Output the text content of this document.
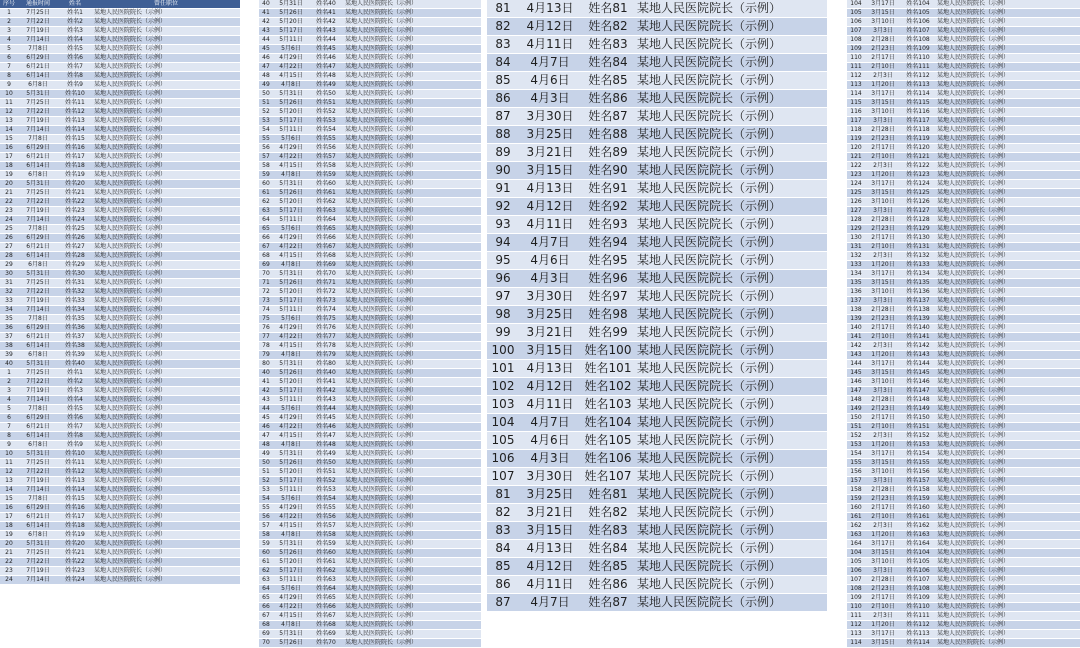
序号	通报时间	姓名	曾任职位
1	7月25日	姓名1	某地人民医院院长（示例）
2	7月22日	姓名2	某地人民医院院长（示例）
3	7月19日	姓名3	某地人民医院院长（示例）
4	7月14日	姓名4	某地人民医院院长（示例）
5	7月8日	姓名5	某地人民医院院长（示例）
6	6月29日	姓名6	某地人民医院院长（示例）
7	6月21日	姓名7	某地人民医院院长（示例）
8	6月14日	姓名8	某地人民医院院长（示例）
9	6月8日	姓名9	某地人民医院院长（示例）
10	5月31日	姓名10	某地人民医院院长（示例）
11	7月25日	姓名11	某地人民医院院长（示例）
12	7月22日	姓名12	某地人民医院院长（示例）
13	7月19日	姓名13	某地人民医院院长（示例）
14	7月14日	姓名14	某地人民医院院长（示例）
15	7月8日	姓名15	某地人民医院院长（示例）
16	6月29日	姓名16	某地人民医院院长（示例）
17	6月21日	姓名17	某地人民医院院长（示例）
18	6月14日	姓名18	某地人民医院院长（示例）
19	6月8日	姓名19	某地人民医院院长（示例）
20	5月31日	姓名20	某地人民医院院长（示例）
21	7月25日	姓名21	某地人民医院院长（示例）
22	7月22日	姓名22	某地人民医院院长（示例）
23	7月19日	姓名23	某地人民医院院长（示例）
24	7月14日	姓名24	某地人民医院院长（示例）
25	7月8日	姓名25	某地人民医院院长（示例）
26	6月29日	姓名26	某地人民医院院长（示例）
27	6月21日	姓名27	某地人民医院院长（示例）
28	6月14日	姓名28	某地人民医院院长（示例）
29	6月8日	姓名29	某地人民医院院长（示例）
30	5月31日	姓名30	某地人民医院院长（示例）
31	7月25日	姓名31	某地人民医院院长（示例）
32	7月22日	姓名32	某地人民医院院长（示例）
33	7月19日	姓名33	某地人民医院院长（示例）
34	7月14日	姓名34	某地人民医院院长（示例）
35	7月8日	姓名35	某地人民医院院长（示例）
36	6月29日	姓名36	某地人民医院院长（示例）
37	6月21日	姓名37	某地人民医院院长（示例）
38	6月14日	姓名38	某地人民医院院长（示例）
39	6月8日	姓名39	某地人民医院院长（示例）
40	5月31日	姓名40	某地人民医院院长（示例）
1	7月25日	姓名1	某地人民医院院长（示例）
2	7月22日	姓名2	某地人民医院院长（示例）
3	7月19日	姓名3	某地人民医院院长（示例）
4	7月14日	姓名4	某地人民医院院长（示例）
5	7月8日	姓名5	某地人民医院院长（示例）
6	6月29日	姓名6	某地人民医院院长（示例）
7	6月21日	姓名7	某地人民医院院长（示例）
8	6月14日	姓名8	某地人民医院院长（示例）
9	6月8日	姓名9	某地人民医院院长（示例）
10	5月31日	姓名10	某地人民医院院长（示例）
11	7月25日	姓名11	某地人民医院院长（示例）
12	7月22日	姓名12	某地人民医院院长（示例）
13	7月19日	姓名13	某地人民医院院长（示例）
14	7月14日	姓名14	某地人民医院院长（示例）
15	7月8日	姓名15	某地人民医院院长（示例）
16	6月29日	姓名16	某地人民医院院长（示例）
17	6月21日	姓名17	某地人民医院院长（示例）
18	6月14日	姓名18	某地人民医院院长（示例）
19	6月8日	姓名19	某地人民医院院长（示例）
20	5月31日	姓名20	某地人民医院院长（示例）
21	7月25日	姓名21	某地人民医院院长（示例）
22	7月22日	姓名22	某地人民医院院长（示例）
23	7月19日	姓名23	某地人民医院院长（示例）
24	7月14日	姓名24	某地人民医院院长（示例）
40	5月31日	姓名40	某地人民医院院长（示例）
41	5月26日	姓名41	某地人民医院院长（示例）
42	5月20日	姓名42	某地人民医院院长（示例）
43	5月17日	姓名43	某地人民医院院长（示例）
44	5月11日	姓名44	某地人民医院院长（示例）
45	5月6日	姓名45	某地人民医院院长（示例）
46	4月29日	姓名46	某地人民医院院长（示例）
47	4月22日	姓名47	某地人民医院院长（示例）
48	4月15日	姓名48	某地人民医院院长（示例）
49	4月8日	姓名49	某地人民医院院长（示例）
50	5月31日	姓名50	某地人民医院院长（示例）
51	5月26日	姓名51	某地人民医院院长（示例）
52	5月20日	姓名52	某地人民医院院长（示例）
53	5月17日	姓名53	某地人民医院院长（示例）
54	5月11日	姓名54	某地人民医院院长（示例）
55	5月6日	姓名55	某地人民医院院长（示例）
56	4月29日	姓名56	某地人民医院院长（示例）
57	4月22日	姓名57	某地人民医院院长（示例）
58	4月15日	姓名58	某地人民医院院长（示例）
59	4月8日	姓名59	某地人民医院院长（示例）
60	5月31日	姓名60	某地人民医院院长（示例）
61	5月26日	姓名61	某地人民医院院长（示例）
62	5月20日	姓名62	某地人民医院院长（示例）
63	5月17日	姓名63	某地人民医院院长（示例）
64	5月11日	姓名64	某地人民医院院长（示例）
65	5月6日	姓名65	某地人民医院院长（示例）
66	4月29日	姓名66	某地人民医院院长（示例）
67	4月22日	姓名67	某地人民医院院长（示例）
68	4月15日	姓名68	某地人民医院院长（示例）
69	4月8日	姓名69	某地人民医院院长（示例）
70	5月31日	姓名70	某地人民医院院长（示例）
71	5月26日	姓名71	某地人民医院院长（示例）
72	5月20日	姓名72	某地人民医院院长（示例）
73	5月17日	姓名73	某地人民医院院长（示例）
74	5月11日	姓名74	某地人民医院院长（示例）
75	5月6日	姓名75	某地人民医院院长（示例）
76	4月29日	姓名76	某地人民医院院长（示例）
77	4月22日	姓名77	某地人民医院院长（示例）
78	4月15日	姓名78	某地人民医院院长（示例）
79	4月8日	姓名79	某地人民医院院长（示例）
80	5月31日	姓名80	某地人民医院院长（示例）
40	5月26日	姓名40	某地人民医院院长（示例）
41	5月20日	姓名41	某地人民医院院长（示例）
42	5月17日	姓名42	某地人民医院院长（示例）
43	5月11日	姓名43	某地人民医院院长（示例）
44	5月6日	姓名44	某地人民医院院长（示例）
45	4月29日	姓名45	某地人民医院院长（示例）
46	4月22日	姓名46	某地人民医院院长（示例）
47	4月15日	姓名47	某地人民医院院长（示例）
48	4月8日	姓名48	某地人民医院院长（示例）
49	5月31日	姓名49	某地人民医院院长（示例）
50	5月26日	姓名50	某地人民医院院长（示例）
51	5月20日	姓名51	某地人民医院院长（示例）
52	5月17日	姓名52	某地人民医院院长（示例）
53	5月11日	姓名53	某地人民医院院长（示例）
54	5月6日	姓名54	某地人民医院院长（示例）
55	4月29日	姓名55	某地人民医院院长（示例）
56	4月22日	姓名56	某地人民医院院长（示例）
57	4月15日	姓名57	某地人民医院院长（示例）
58	4月8日	姓名58	某地人民医院院长（示例）
59	5月31日	姓名59	某地人民医院院长（示例）
60	5月26日	姓名60	某地人民医院院长（示例）
61	5月20日	姓名61	某地人民医院院长（示例）
62	5月17日	姓名62	某地人民医院院长（示例）
63	5月11日	姓名63	某地人民医院院长（示例）
64	5月6日	姓名64	某地人民医院院长（示例）
65	4月29日	姓名65	某地人民医院院长（示例）
66	4月22日	姓名66	某地人民医院院长（示例）
67	4月15日	姓名67	某地人民医院院长（示例）
68	4月8日	姓名68	某地人民医院院长（示例）
69	5月31日	姓名69	某地人民医院院长（示例）
70	5月26日	姓名70	某地人民医院院长（示例）
81	4月13日	姓名81	某地人民医院院长（示例）
82	4月12日	姓名82	某地人民医院院长（示例）
83	4月11日	姓名83	某地人民医院院长（示例）
84	4月7日	姓名84	某地人民医院院长（示例）
85	4月6日	姓名85	某地人民医院院长（示例）
86	4月3日	姓名86	某地人民医院院长（示例）
87	3月30日	姓名87	某地人民医院院长（示例）
88	3月25日	姓名88	某地人民医院院长（示例）
89	3月21日	姓名89	某地人民医院院长（示例）
90	3月15日	姓名90	某地人民医院院长（示例）
91	4月13日	姓名91	某地人民医院院长（示例）
92	4月12日	姓名92	某地人民医院院长（示例）
93	4月11日	姓名93	某地人民医院院长（示例）
94	4月7日	姓名94	某地人民医院院长（示例）
95	4月6日	姓名95	某地人民医院院长（示例）
96	4月3日	姓名96	某地人民医院院长（示例）
97	3月30日	姓名97	某地人民医院院长（示例）
98	3月25日	姓名98	某地人民医院院长（示例）
99	3月21日	姓名99	某地人民医院院长（示例）
100	3月15日	姓名100	某地人民医院院长（示例）
101	4月13日	姓名101	某地人民医院院长（示例）
102	4月12日	姓名102	某地人民医院院长（示例）
103	4月11日	姓名103	某地人民医院院长（示例）
104	4月7日	姓名104	某地人民医院院长（示例）
105	4月6日	姓名105	某地人民医院院长（示例）
106	4月3日	姓名106	某地人民医院院长（示例）
107	3月30日	姓名107	某地人民医院院长（示例）
81	3月25日	姓名81	某地人民医院院长（示例）
82	3月21日	姓名82	某地人民医院院长（示例）
83	3月15日	姓名83	某地人民医院院长（示例）
84	4月13日	姓名84	某地人民医院院长（示例）
85	4月12日	姓名85	某地人民医院院长（示例）
86	4月11日	姓名86	某地人民医院院长（示例）
87	4月7日	姓名87	某地人民医院院长（示例）
104	3月17日	姓名104	某地人民医院院长（示例）
105	3月15日	姓名105	某地人民医院院长（示例）
106	3月10日	姓名106	某地人民医院院长（示例）
107	3月3日	姓名107	某地人民医院院长（示例）
108	2月28日	姓名108	某地人民医院院长（示例）
109	2月23日	姓名109	某地人民医院院长（示例）
110	2月17日	姓名110	某地人民医院院长（示例）
111	2月10日	姓名111	某地人民医院院长（示例）
112	2月3日	姓名112	某地人民医院院长（示例）
113	1月20日	姓名113	某地人民医院院长（示例）
114	3月17日	姓名114	某地人民医院院长（示例）
115	3月15日	姓名115	某地人民医院院长（示例）
116	3月10日	姓名116	某地人民医院院长（示例）
117	3月3日	姓名117	某地人民医院院长（示例）
118	2月28日	姓名118	某地人民医院院长（示例）
119	2月23日	姓名119	某地人民医院院长（示例）
120	2月17日	姓名120	某地人民医院院长（示例）
121	2月10日	姓名121	某地人民医院院长（示例）
122	2月3日	姓名122	某地人民医院院长（示例）
123	1月20日	姓名123	某地人民医院院长（示例）
124	3月17日	姓名124	某地人民医院院长（示例）
125	3月15日	姓名125	某地人民医院院长（示例）
126	3月10日	姓名126	某地人民医院院长（示例）
127	3月3日	姓名127	某地人民医院院长（示例）
128	2月28日	姓名128	某地人民医院院长（示例）
129	2月23日	姓名129	某地人民医院院长（示例）
130	2月17日	姓名130	某地人民医院院长（示例）
131	2月10日	姓名131	某地人民医院院长（示例）
132	2月3日	姓名132	某地人民医院院长（示例）
133	1月20日	姓名133	某地人民医院院长（示例）
134	3月17日	姓名134	某地人民医院院长（示例）
135	3月15日	姓名135	某地人民医院院长（示例）
136	3月10日	姓名136	某地人民医院院长（示例）
137	3月3日	姓名137	某地人民医院院长（示例）
138	2月28日	姓名138	某地人民医院院长（示例）
139	2月23日	姓名139	某地人民医院院长（示例）
140	2月17日	姓名140	某地人民医院院长（示例）
141	2月10日	姓名141	某地人民医院院长（示例）
142	2月3日	姓名142	某地人民医院院长（示例）
143	1月20日	姓名143	某地人民医院院长（示例）
144	3月17日	姓名144	某地人民医院院长（示例）
145	3月15日	姓名145	某地人民医院院长（示例）
146	3月10日	姓名146	某地人民医院院长（示例）
147	3月3日	姓名147	某地人民医院院长（示例）
148	2月28日	姓名148	某地人民医院院长（示例）
149	2月23日	姓名149	某地人民医院院长（示例）
150	2月17日	姓名150	某地人民医院院长（示例）
151	2月10日	姓名151	某地人民医院院长（示例）
152	2月3日	姓名152	某地人民医院院长（示例）
153	1月20日	姓名153	某地人民医院院长（示例）
154	3月17日	姓名154	某地人民医院院长（示例）
155	3月15日	姓名155	某地人民医院院长（示例）
156	3月10日	姓名156	某地人民医院院长（示例）
157	3月3日	姓名157	某地人民医院院长（示例）
158	2月28日	姓名158	某地人民医院院长（示例）
159	2月23日	姓名159	某地人民医院院长（示例）
160	2月17日	姓名160	某地人民医院院长（示例）
161	2月10日	姓名161	某地人民医院院长（示例）
162	2月3日	姓名162	某地人民医院院长（示例）
163	1月20日	姓名163	某地人民医院院长（示例）
164	3月17日	姓名164	某地人民医院院长（示例）
104	3月15日	姓名104	某地人民医院院长（示例）
105	3月10日	姓名105	某地人民医院院长（示例）
106	3月3日	姓名106	某地人民医院院长（示例）
107	2月28日	姓名107	某地人民医院院长（示例）
108	2月23日	姓名108	某地人民医院院长（示例）
109	2月17日	姓名109	某地人民医院院长（示例）
110	2月10日	姓名110	某地人民医院院长（示例）
111	2月3日	姓名111	某地人民医院院长（示例）
112	1月20日	姓名112	某地人民医院院长（示例）
113	3月17日	姓名113	某地人民医院院长（示例）
114	3月15日	姓名114	某地人民医院院长（示例）
